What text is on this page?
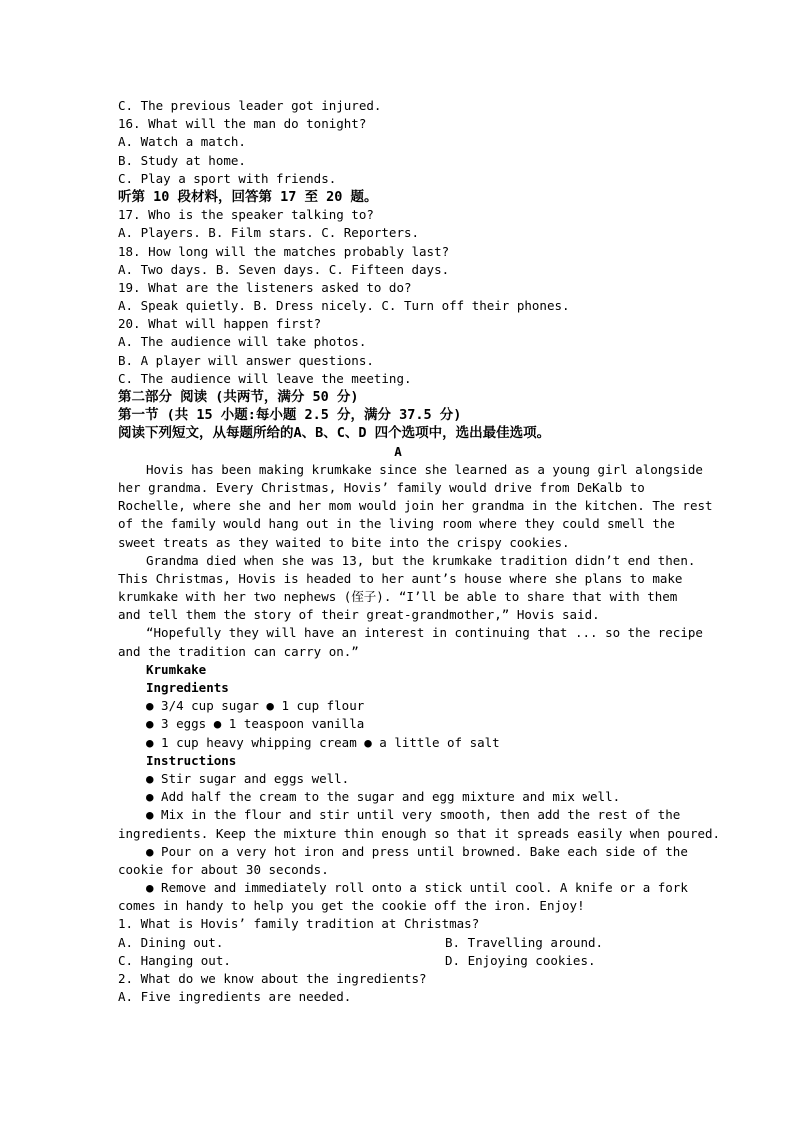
C. The previous leader got injured.
16. What will the man do tonight?
A. Watch a match.
B. Study at home.
C. Play a sport with friends.
听第 10 段材料，回答第 17 至 20 题。
17. Who is the speaker talking to?
A. Players. B. Film stars. C. Reporters.
18. How long will the matches probably last?
A. Two days. B. Seven days. C. Fifteen days.
19. What are the listeners asked to do?
A. Speak quietly. B. Dress nicely. C. Turn off their phones.
20. What will happen first?
A. The audience will take photos.
B. A player will answer questions.
C. The audience will leave the meeting.
第二部分 阅读 (共两节，满分 50 分)
第一节 (共 15 小题:每小题 2.5 分，满分 37.5 分)
阅读下列短文，从每题所给的A、B、C、D 四个选项中，选出最佳选项。
A
Hovis has been making krumkake since she learned as a young girl alongside
her grandma. Every Christmas, Hovis’ family would drive from DeKalb to
Rochelle, where she and her mom would join her grandma in the kitchen. The rest
of the family would hang out in the living room where they could smell the
sweet treats as they waited to bite into the crispy cookies.
Grandma died when she was 13, but the krumkake tradition didn’t end then.
This Christmas, Hovis is headed to her aunt’s house where she plans to make
krumkake with her two nephews (侄子). “I’ll be able to share that with them
and tell them the story of their great-grandmother,” Hovis said.
“Hopefully they will have an interest in continuing that ... so the recipe
and the tradition can carry on.”
Krumkake
Ingredients
● 3/4 cup sugar ● 1 cup flour
● 3 eggs ● 1 teaspoon vanilla
● 1 cup heavy whipping cream ● a little of salt
Instructions
● Stir sugar and eggs well.
● Add half the cream to the sugar and egg mixture and mix well.
● Mix in the flour and stir until very smooth, then add the rest of the
ingredients. Keep the mixture thin enough so that it spreads easily when poured.
● Pour on a very hot iron and press until browned. Bake each side of the
cookie for about 30 seconds.
● Remove and immediately roll onto a stick until cool. A knife or a fork
comes in handy to help you get the cookie off the iron. Enjoy!
1. What is Hovis’ family tradition at Christmas?
A. Dining out.	B. Travelling around.
C. Hanging out.	D. Enjoying cookies.
2. What do we know about the ingredients?
A. Five ingredients are needed.
